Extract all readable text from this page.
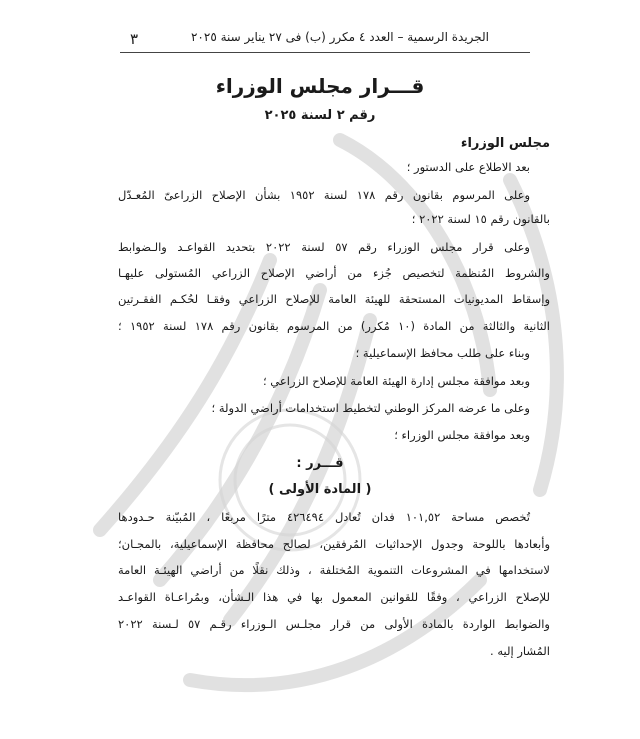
الجريدة الرسمية – العدد ٤ مكرر (ب) فى ٢٧ يناير سنة ٢٠٢٥
٣
قـــرار مجلس الوزراء
رقم ٢ لسنة ٢٠٢٥
مجلس الوزراء
بعد الاطلاع على الدستور ؛
وعلى المرسوم بقانون رقم ١٧٨ لسنة ١٩٥٢ بشأن الإصلاح الزراعىّ المُعـدّل
بالقانون رقم ١٥ لسنة ٢٠٢٢ ؛
وعلى قرار مجلس الوزراء رقم ٥٧ لسنة ٢٠٢٢ بتحديد القواعـد والـضوابط
والشروط المُنظمة لتخصيص جُزء من أراضي الإصلاح الزراعي المُستولى عليهـا
وإسقاط المديونيات المستحقة للهيئة العامة للإصلاح الزراعي وفقـا لحُكـم الفقـرتين
الثانية والثالثة من المادة (١٠ مُكرر) من المرسوم بقانون رقم ١٧٨ لسنة ١٩٥٢ ؛
وبناء على طلب محافظ الإسماعيلية ؛
وبعد موافقة مجلس إدارة الهيئة العامة للإصلاح الزراعي ؛
وعلى ما عرضه المركز الوطني لتخطيط استخدامات أراضي الدولة ؛
وبعد موافقة مجلس الوزراء ؛
قـــرر :
( المادة الأولى )
تُخصص مساحة ١٠١,٥٢ فدان تُعادل ٤٢٦٤٩٤ مترًا مربعًا ، المُبيّنة حـدودها
وأبعادها باللوحة وجدول الإحداثيات المُرفقين، لصالح محافظة الإسماعيلية، بالمجـان؛
لاستخدامها في المشروعات التنموية المُختلفة ، وذلك نقلًا من أراضي الهيئـة العامة
للإصلاح الزراعي ، وفقًا للقوانين المعمول بها في هذا الـشأن، وبمُراعـاة القواعـد
والضوابط الواردة بالمادة الأولى من قرار مجلـس الـوزراء رقـم ٥٧ لـسنة ٢٠٢٢
المُشار إليه .
